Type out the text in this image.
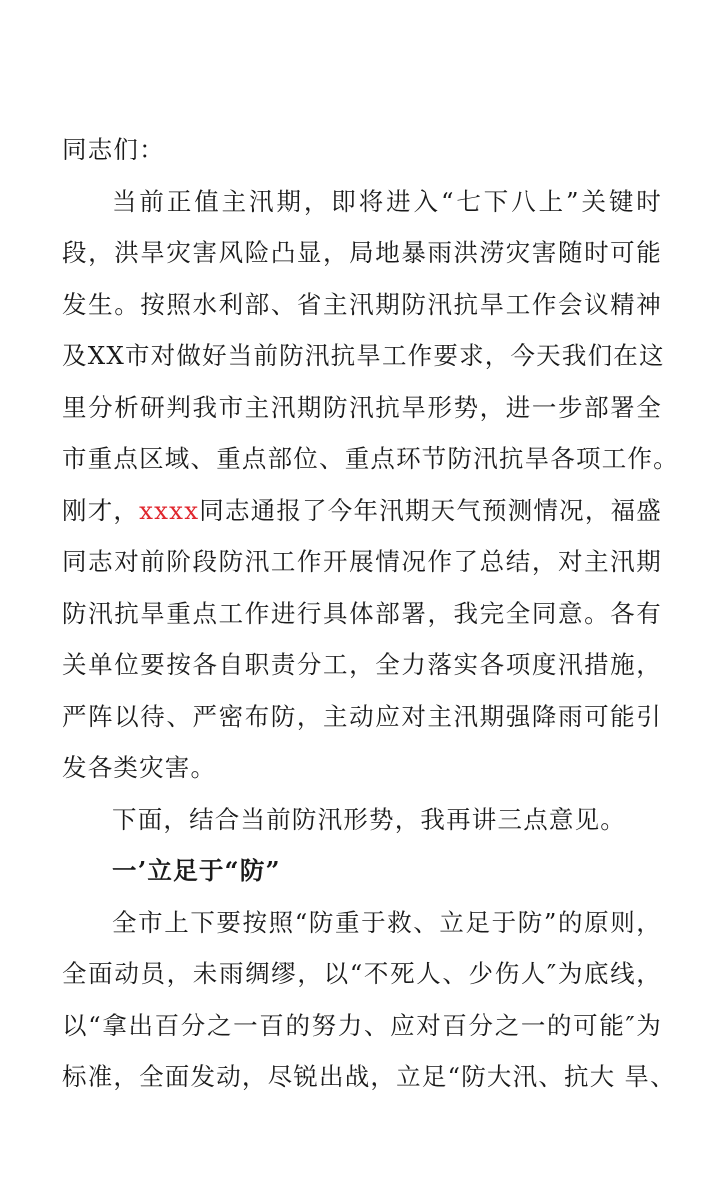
同志们：
当前正值主汛期，即将进入“七下八上”关键时
段，洪旱灾害风险凸显，局地暴雨洪涝灾害随时可能
发生。按照水利部、省主汛期防汛抗旱工作会议精神
及XX市对做好当前防汛抗旱工作要求，今天我们在这
里分析研判我市主汛期防汛抗旱形势，进一步部署全
市重点区域、重点部位、重点环节防汛抗旱各项工作。
刚才，xxxx同志通报了今年汛期天气预测情况，福盛
同志对前阶段防汛工作开展情况作了总结，对主汛期
防汛抗旱重点工作进行具体部署，我完全同意。各有
关单位要按各自职责分工，全力落实各项度汛措施，
严阵以待、严密布防，主动应对主汛期强降雨可能引
发各类灾害。
下面，结合当前防汛形势，我再讲三点意见。
一’立足于“防”
全市上下要按照“防重于救、立足于防”的原则，
全面动员，未雨绸缪，以“不死人、少伤人″为底线，
以“拿出百分之一百的努力、应对百分之一的可能″为
标准，全面发动，尽锐出战，立足“防大汛、抗大 旱、
